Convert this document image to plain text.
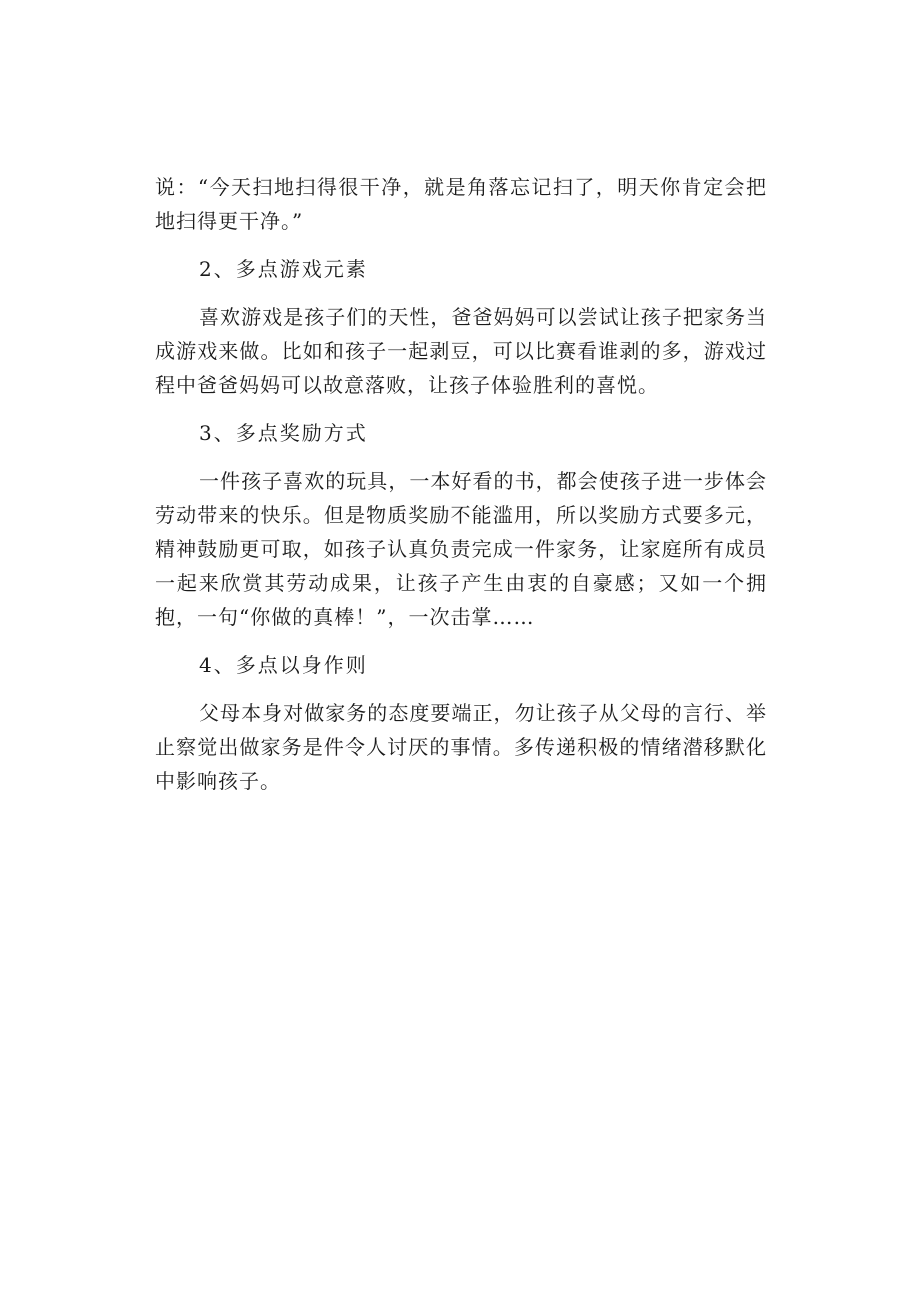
说：“今天扫地扫得很干净，就是角落忘记扫了，明天你肯定会把地扫得更干净。”

2、多点游戏元素

喜欢游戏是孩子们的天性，爸爸妈妈可以尝试让孩子把家务当成游戏来做。比如和孩子一起剥豆，可以比赛看谁剥的多，游戏过程中爸爸妈妈可以故意落败，让孩子体验胜利的喜悦。

3、多点奖励方式

一件孩子喜欢的玩具，一本好看的书，都会使孩子进一步体会劳动带来的快乐。但是物质奖励不能滥用，所以奖励方式要多元，精神鼓励更可取，如孩子认真负责完成一件家务，让家庭所有成员一起来欣赏其劳动成果，让孩子产生由衷的自豪感；又如一个拥抱，一句“你做的真棒！”，一次击掌……

4、多点以身作则

父母本身对做家务的态度要端正，勿让孩子从父母的言行、举止察觉出做家务是件令人讨厌的事情。多传递积极的情绪潜移默化中影响孩子。
